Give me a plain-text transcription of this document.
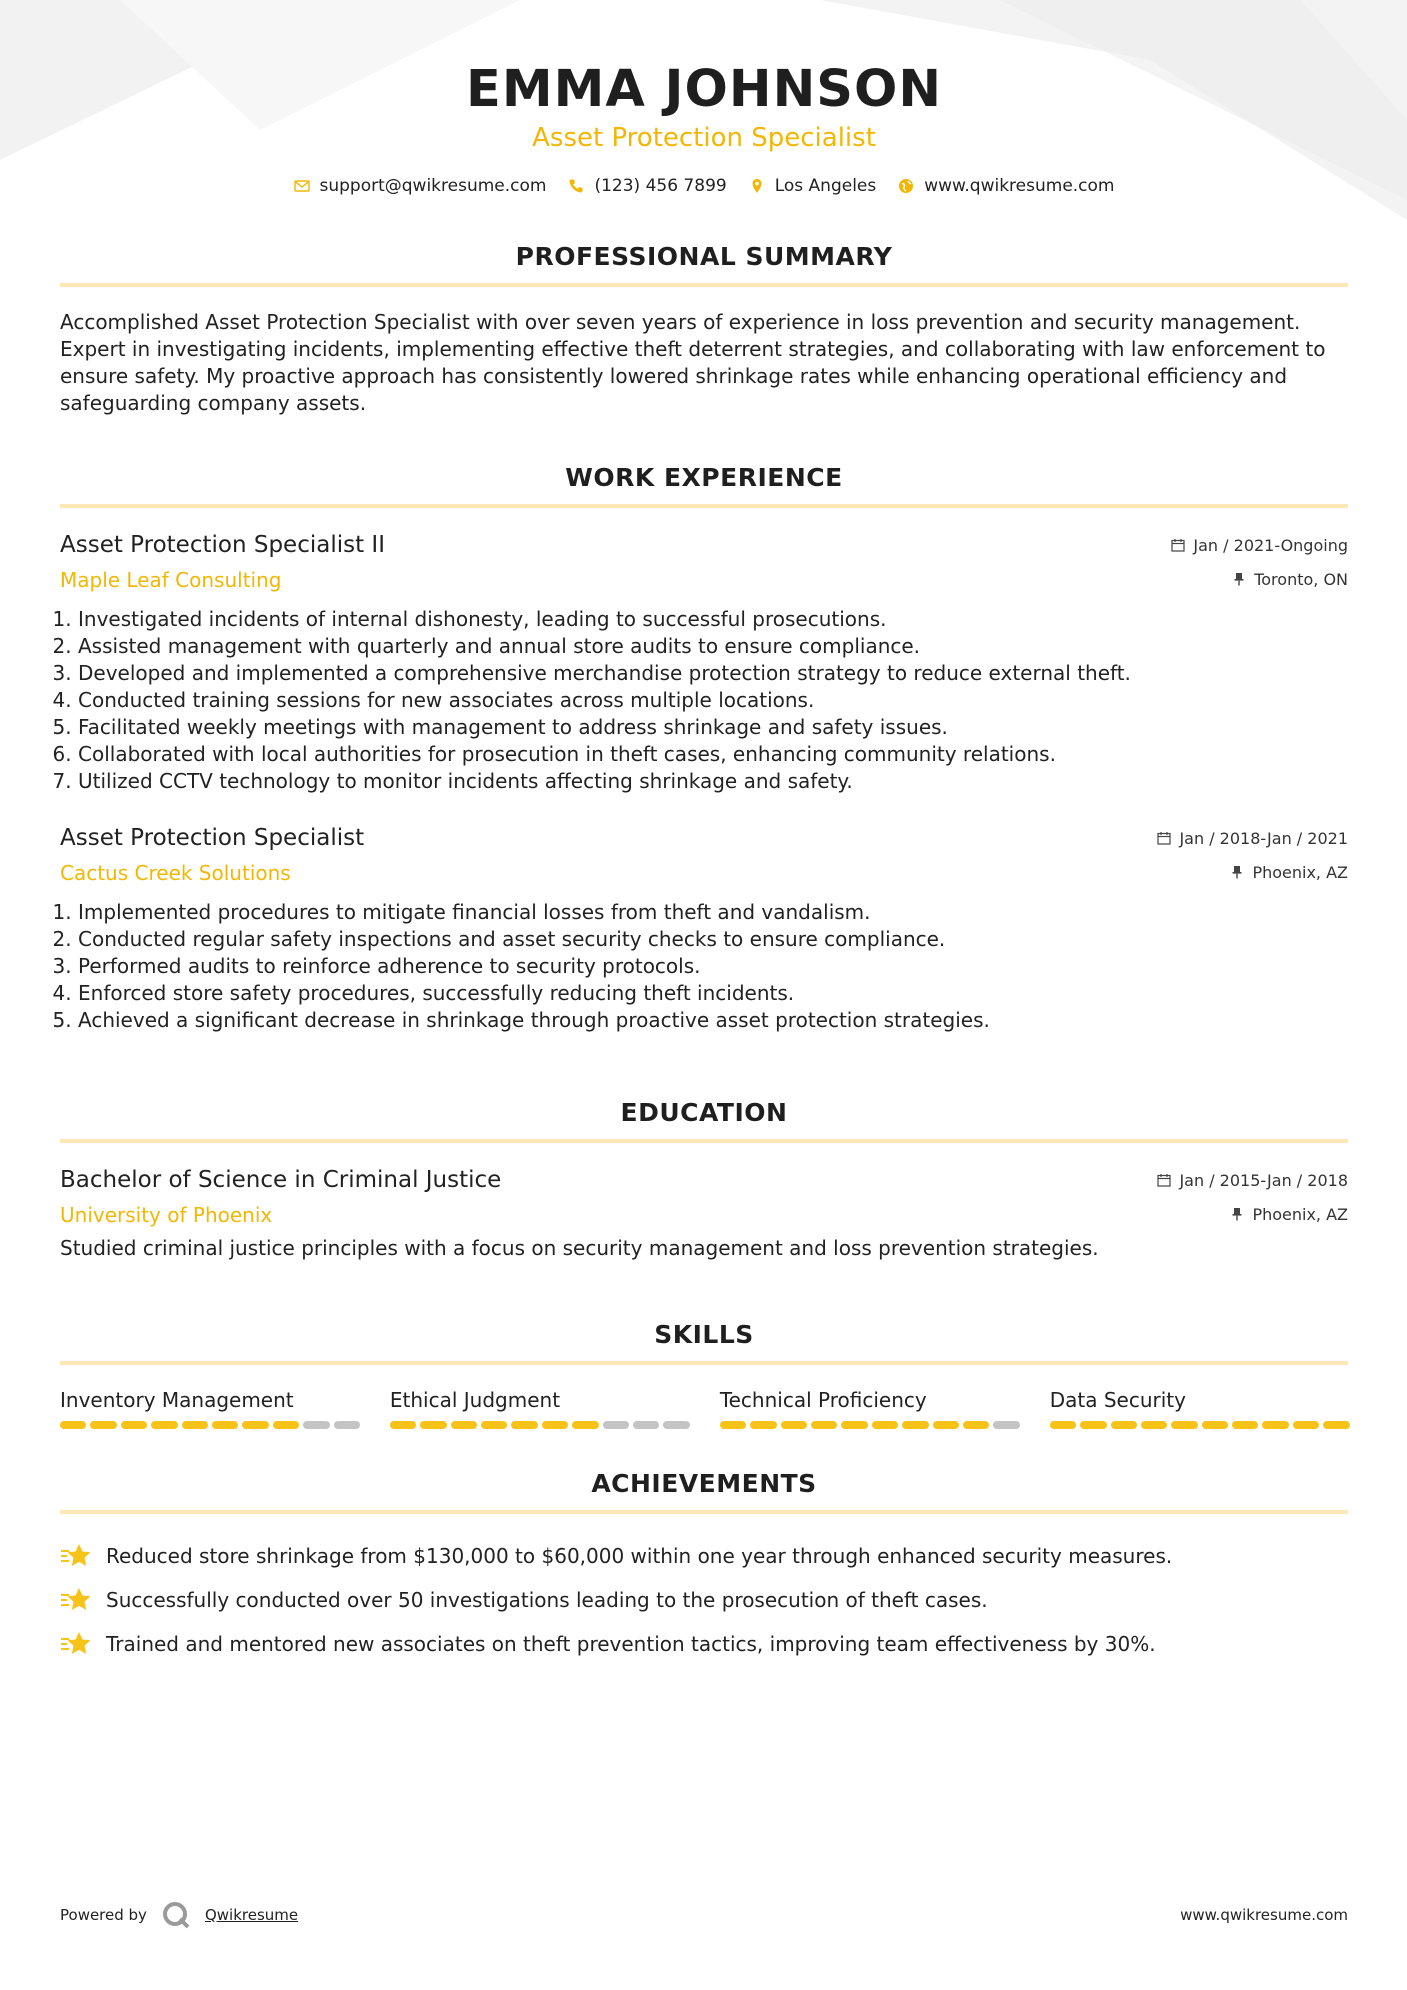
EMMA JOHNSON
Asset Protection Specialist
support@qwikresume.com	(123) 456 7899	Los Angeles	www.qwikresume.com
PROFESSIONAL SUMMARY
Accomplished Asset Protection Specialist with over seven years of experience in loss prevention and security management. Expert in investigating incidents, implementing effective theft deterrent strategies, and collaborating with law enforcement to ensure safety. My proactive approach has consistently lowered shrinkage rates while enhancing operational efficiency and safeguarding company assets.
WORK EXPERIENCE
Asset Protection Specialist II
Maple Leaf Consulting
Jan / 2021-Ongoing
Toronto, ON
1. Investigated incidents of internal dishonesty, leading to successful prosecutions.
2. Assisted management with quarterly and annual store audits to ensure compliance.
3. Developed and implemented a comprehensive merchandise protection strategy to reduce external theft.
4. Conducted training sessions for new associates across multiple locations.
5. Facilitated weekly meetings with management to address shrinkage and safety issues.
6. Collaborated with local authorities for prosecution in theft cases, enhancing community relations.
7. Utilized CCTV technology to monitor incidents affecting shrinkage and safety.
Asset Protection Specialist
Cactus Creek Solutions
Jan / 2018-Jan / 2021
Phoenix, AZ
1. Implemented procedures to mitigate financial losses from theft and vandalism.
2. Conducted regular safety inspections and asset security checks to ensure compliance.
3. Performed audits to reinforce adherence to security protocols.
4. Enforced store safety procedures, successfully reducing theft incidents.
5. Achieved a significant decrease in shrinkage through proactive asset protection strategies.
EDUCATION
Bachelor of Science in Criminal Justice
University of Phoenix
Jan / 2015-Jan / 2018
Phoenix, AZ
Studied criminal justice principles with a focus on security management and loss prevention strategies.
SKILLS
Inventory Management	Ethical Judgment	Technical Proficiency	Data Security
ACHIEVEMENTS
Reduced store shrinkage from $130,000 to $60,000 within one year through enhanced security measures.
Successfully conducted over 50 investigations leading to the prosecution of theft cases.
Trained and mentored new associates on theft prevention tactics, improving team effectiveness by 30%.
Powered by	Qwikresume	www.qwikresume.com
